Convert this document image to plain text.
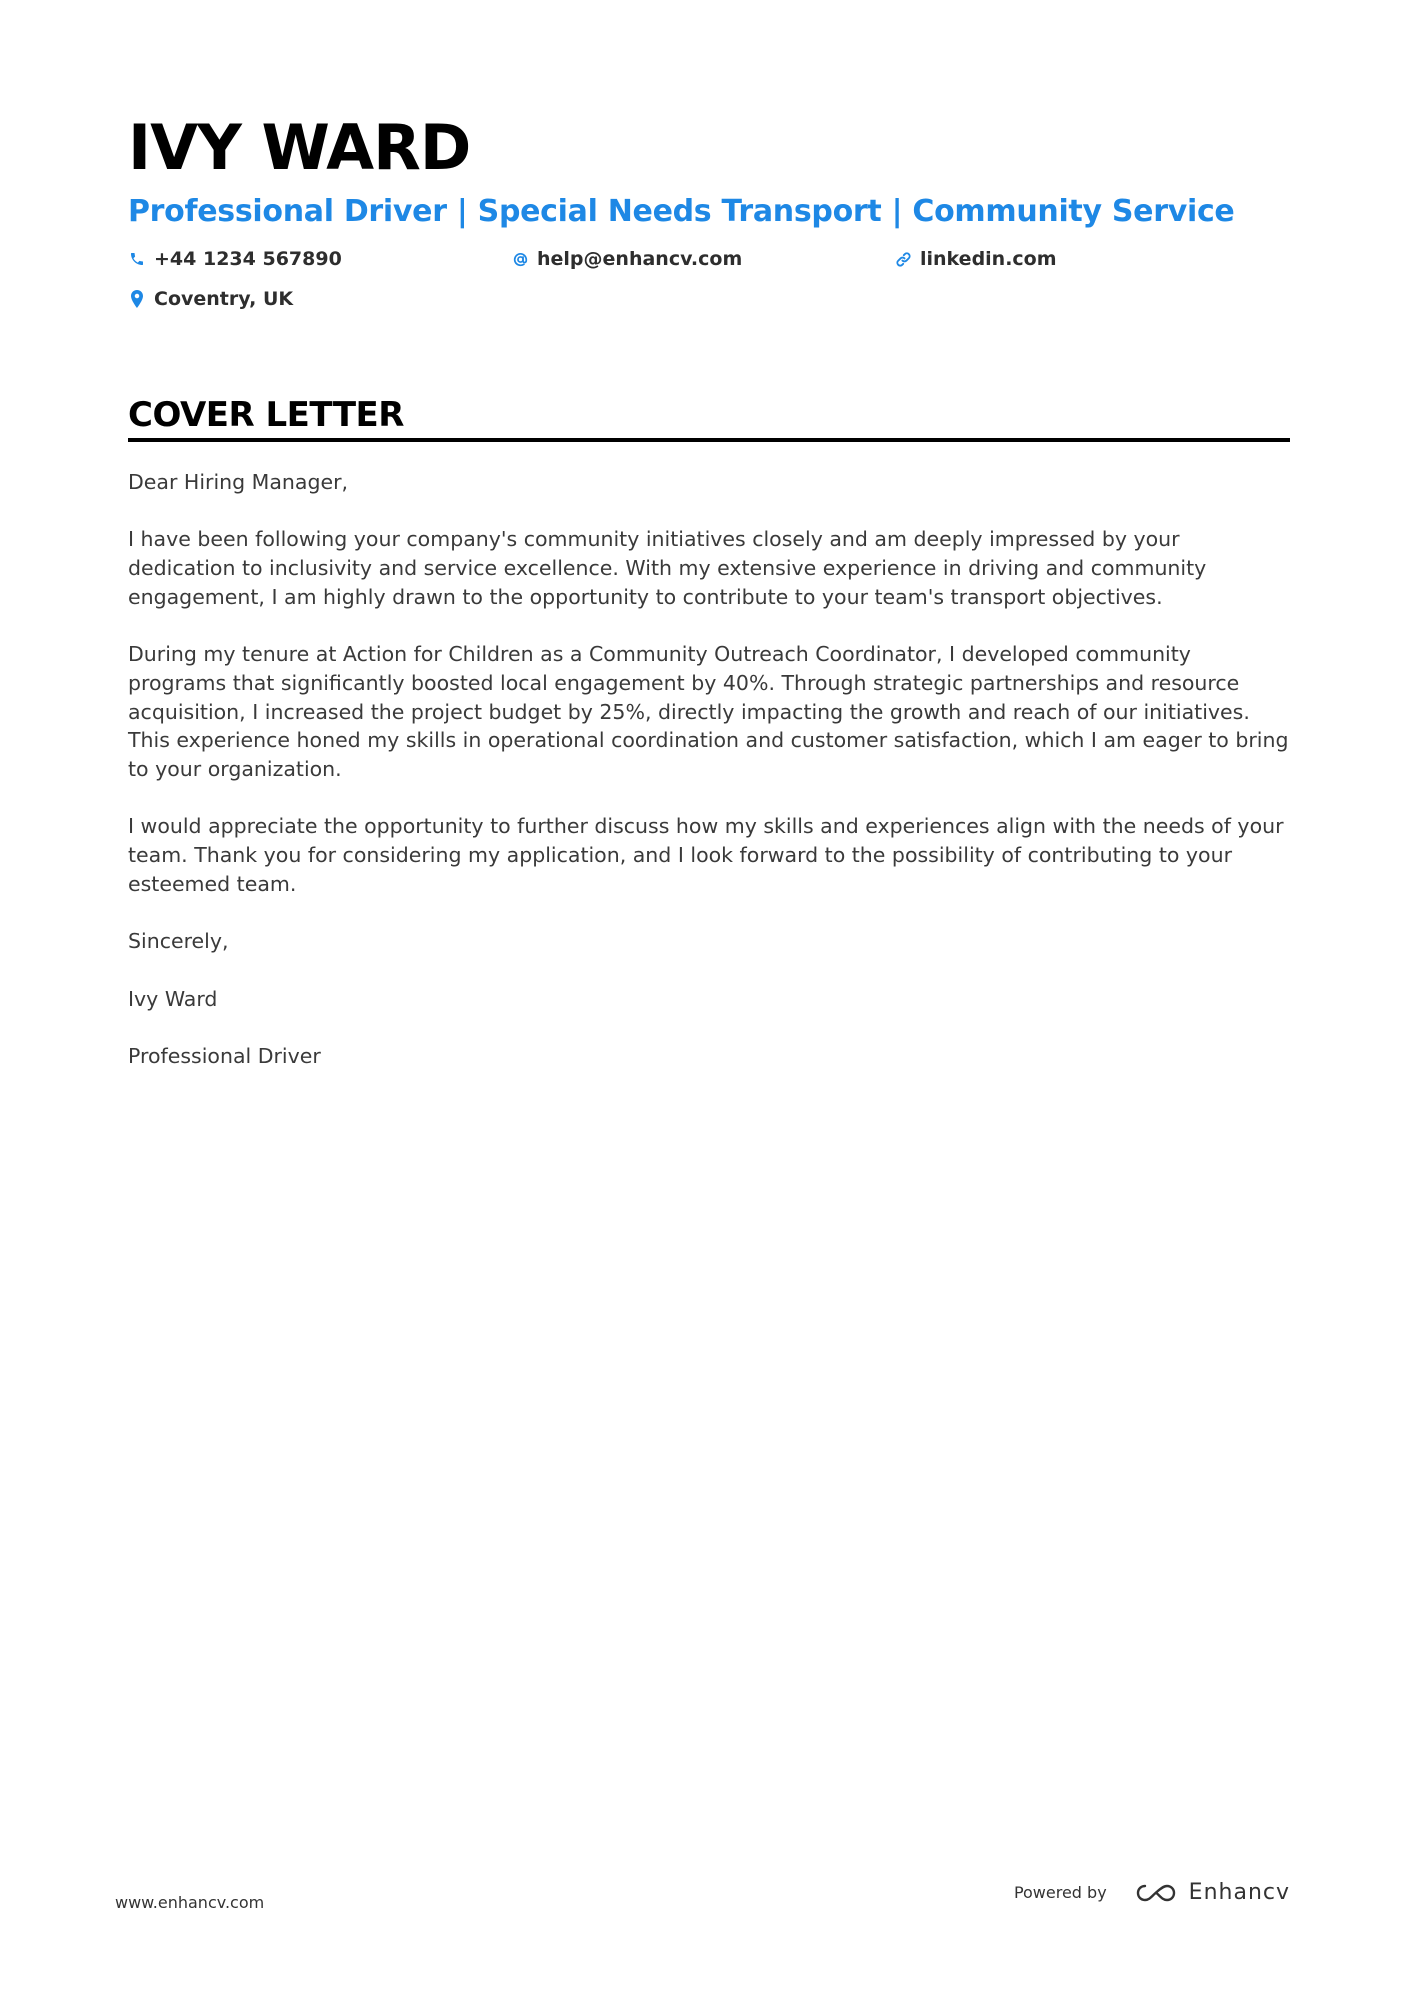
IVY WARD
Professional Driver | Special Needs Transport | Community Service
+44 1234 567890	help@enhancv.com	linkedin.com
Coventry, UK
COVER LETTER

Dear Hiring Manager,

I have been following your company's community initiatives closely and am deeply impressed by your dedication to inclusivity and service excellence. With my extensive experience in driving and community engagement, I am highly drawn to the opportunity to contribute to your team's transport objectives.

During my tenure at Action for Children as a Community Outreach Coordinator, I developed community programs that significantly boosted local engagement by 40%. Through strategic partnerships and resource acquisition, I increased the project budget by 25%, directly impacting the growth and reach of our initiatives. This experience honed my skills in operational coordination and customer satisfaction, which I am eager to bring to your organization.

I would appreciate the opportunity to further discuss how my skills and experiences align with the needs of your team. Thank you for considering my application, and I look forward to the possibility of contributing to your esteemed team.

Sincerely,

Ivy Ward

Professional Driver

www.enhancv.com
Powered by	Enhancv
